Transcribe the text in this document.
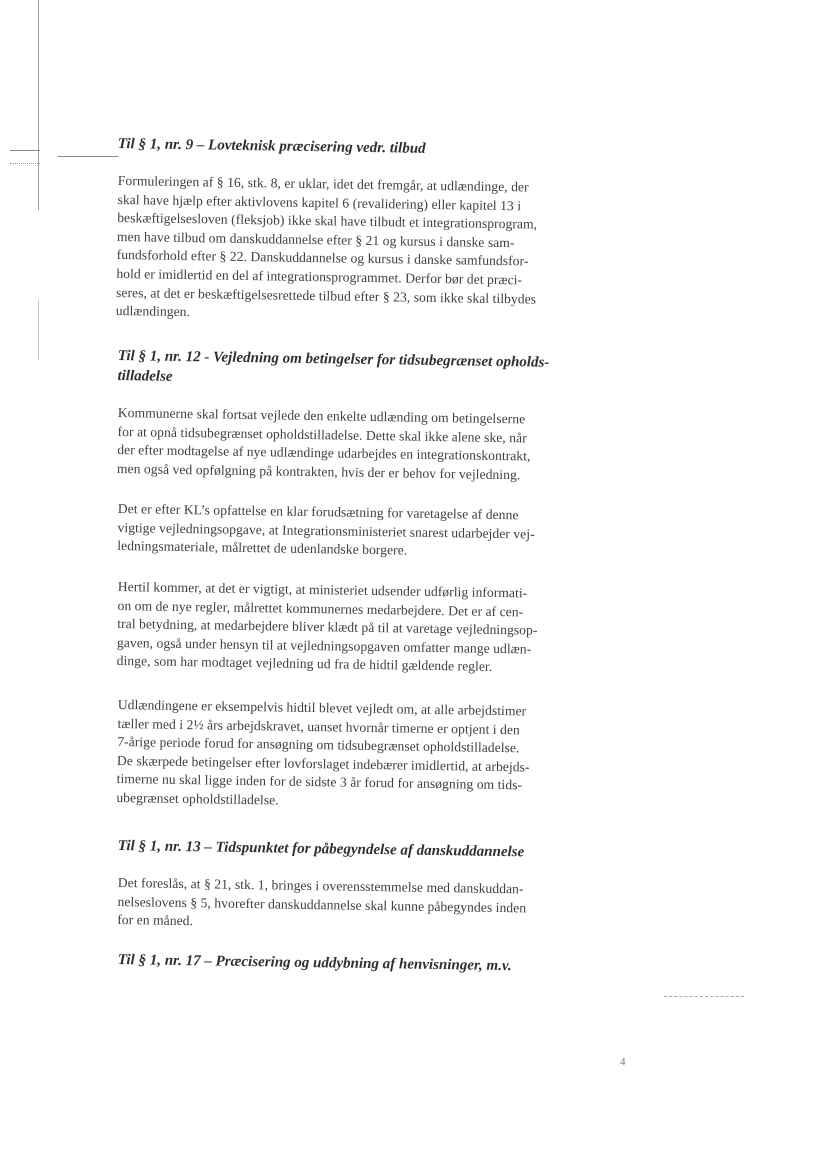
Til § 1, nr. 9 – Lovteknisk præcisering vedr. tilbud

Formuleringen af § 16, stk. 8, er uklar, idet det fremgår, at udlændinge, der
skal have hjælp efter aktivlovens kapitel 6 (revalidering) eller kapitel 13 i
beskæftigelsesloven (fleksjob) ikke skal have tilbudt et integrationsprogram,
men have tilbud om danskuddannelse efter § 21 og kursus i danske sam-
fundsforhold efter § 22. Danskuddannelse og kursus i danske samfundsfor-
hold er imidlertid en del af integrationsprogrammet. Derfor bør det præci-
seres, at det er beskæftigelsesrettede tilbud efter § 23, som ikke skal tilbydes
udlændingen.

Til § 1, nr. 12 - Vejledning om betingelser for tidsubegrænset opholds-
tilladelse

Kommunerne skal fortsat vejlede den enkelte udlænding om betingelserne
for at opnå tidsubegrænset opholdstilladelse. Dette skal ikke alene ske, når
der efter modtagelse af nye udlændinge udarbejdes en integrationskontrakt,
men også ved opfølgning på kontrakten, hvis der er behov for vejledning.

Det er efter KL’s opfattelse en klar forudsætning for varetagelse af denne
vigtige vejledningsopgave, at Integrationsministeriet snarest udarbejder vej-
ledningsmateriale, målrettet de udenlandske borgere.

Hertil kommer, at det er vigtigt, at ministeriet udsender udførlig informati-
on om de nye regler, målrettet kommunernes medarbejdere. Det er af cen-
tral betydning, at medarbejdere bliver klædt på til at varetage vejledningsop-
gaven, også under hensyn til at vejledningsopgaven omfatter mange udlæn-
dinge, som har modtaget vejledning ud fra de hidtil gældende regler.

Udlændingene er eksempelvis hidtil blevet vejledt om, at alle arbejdstimer
tæller med i 2½ års arbejdskravet, uanset hvornår timerne er optjent i den
7-årige periode forud for ansøgning om tidsubegrænset opholdstilladelse.
De skærpede betingelser efter lovforslaget indebærer imidlertid, at arbejds-
timerne nu skal ligge inden for de sidste 3 år forud for ansøgning om tids-
ubegrænset opholdstilladelse.

Til § 1, nr. 13 – Tidspunktet for påbegyndelse af danskuddannelse

Det foreslås, at § 21, stk. 1, bringes i overensstemmelse med danskuddan-
nelseslovens § 5, hvorefter danskuddannelse skal kunne påbegyndes inden
for en måned.

Til § 1, nr. 17 – Præcisering og uddybning af henvisninger, m.v.
4
